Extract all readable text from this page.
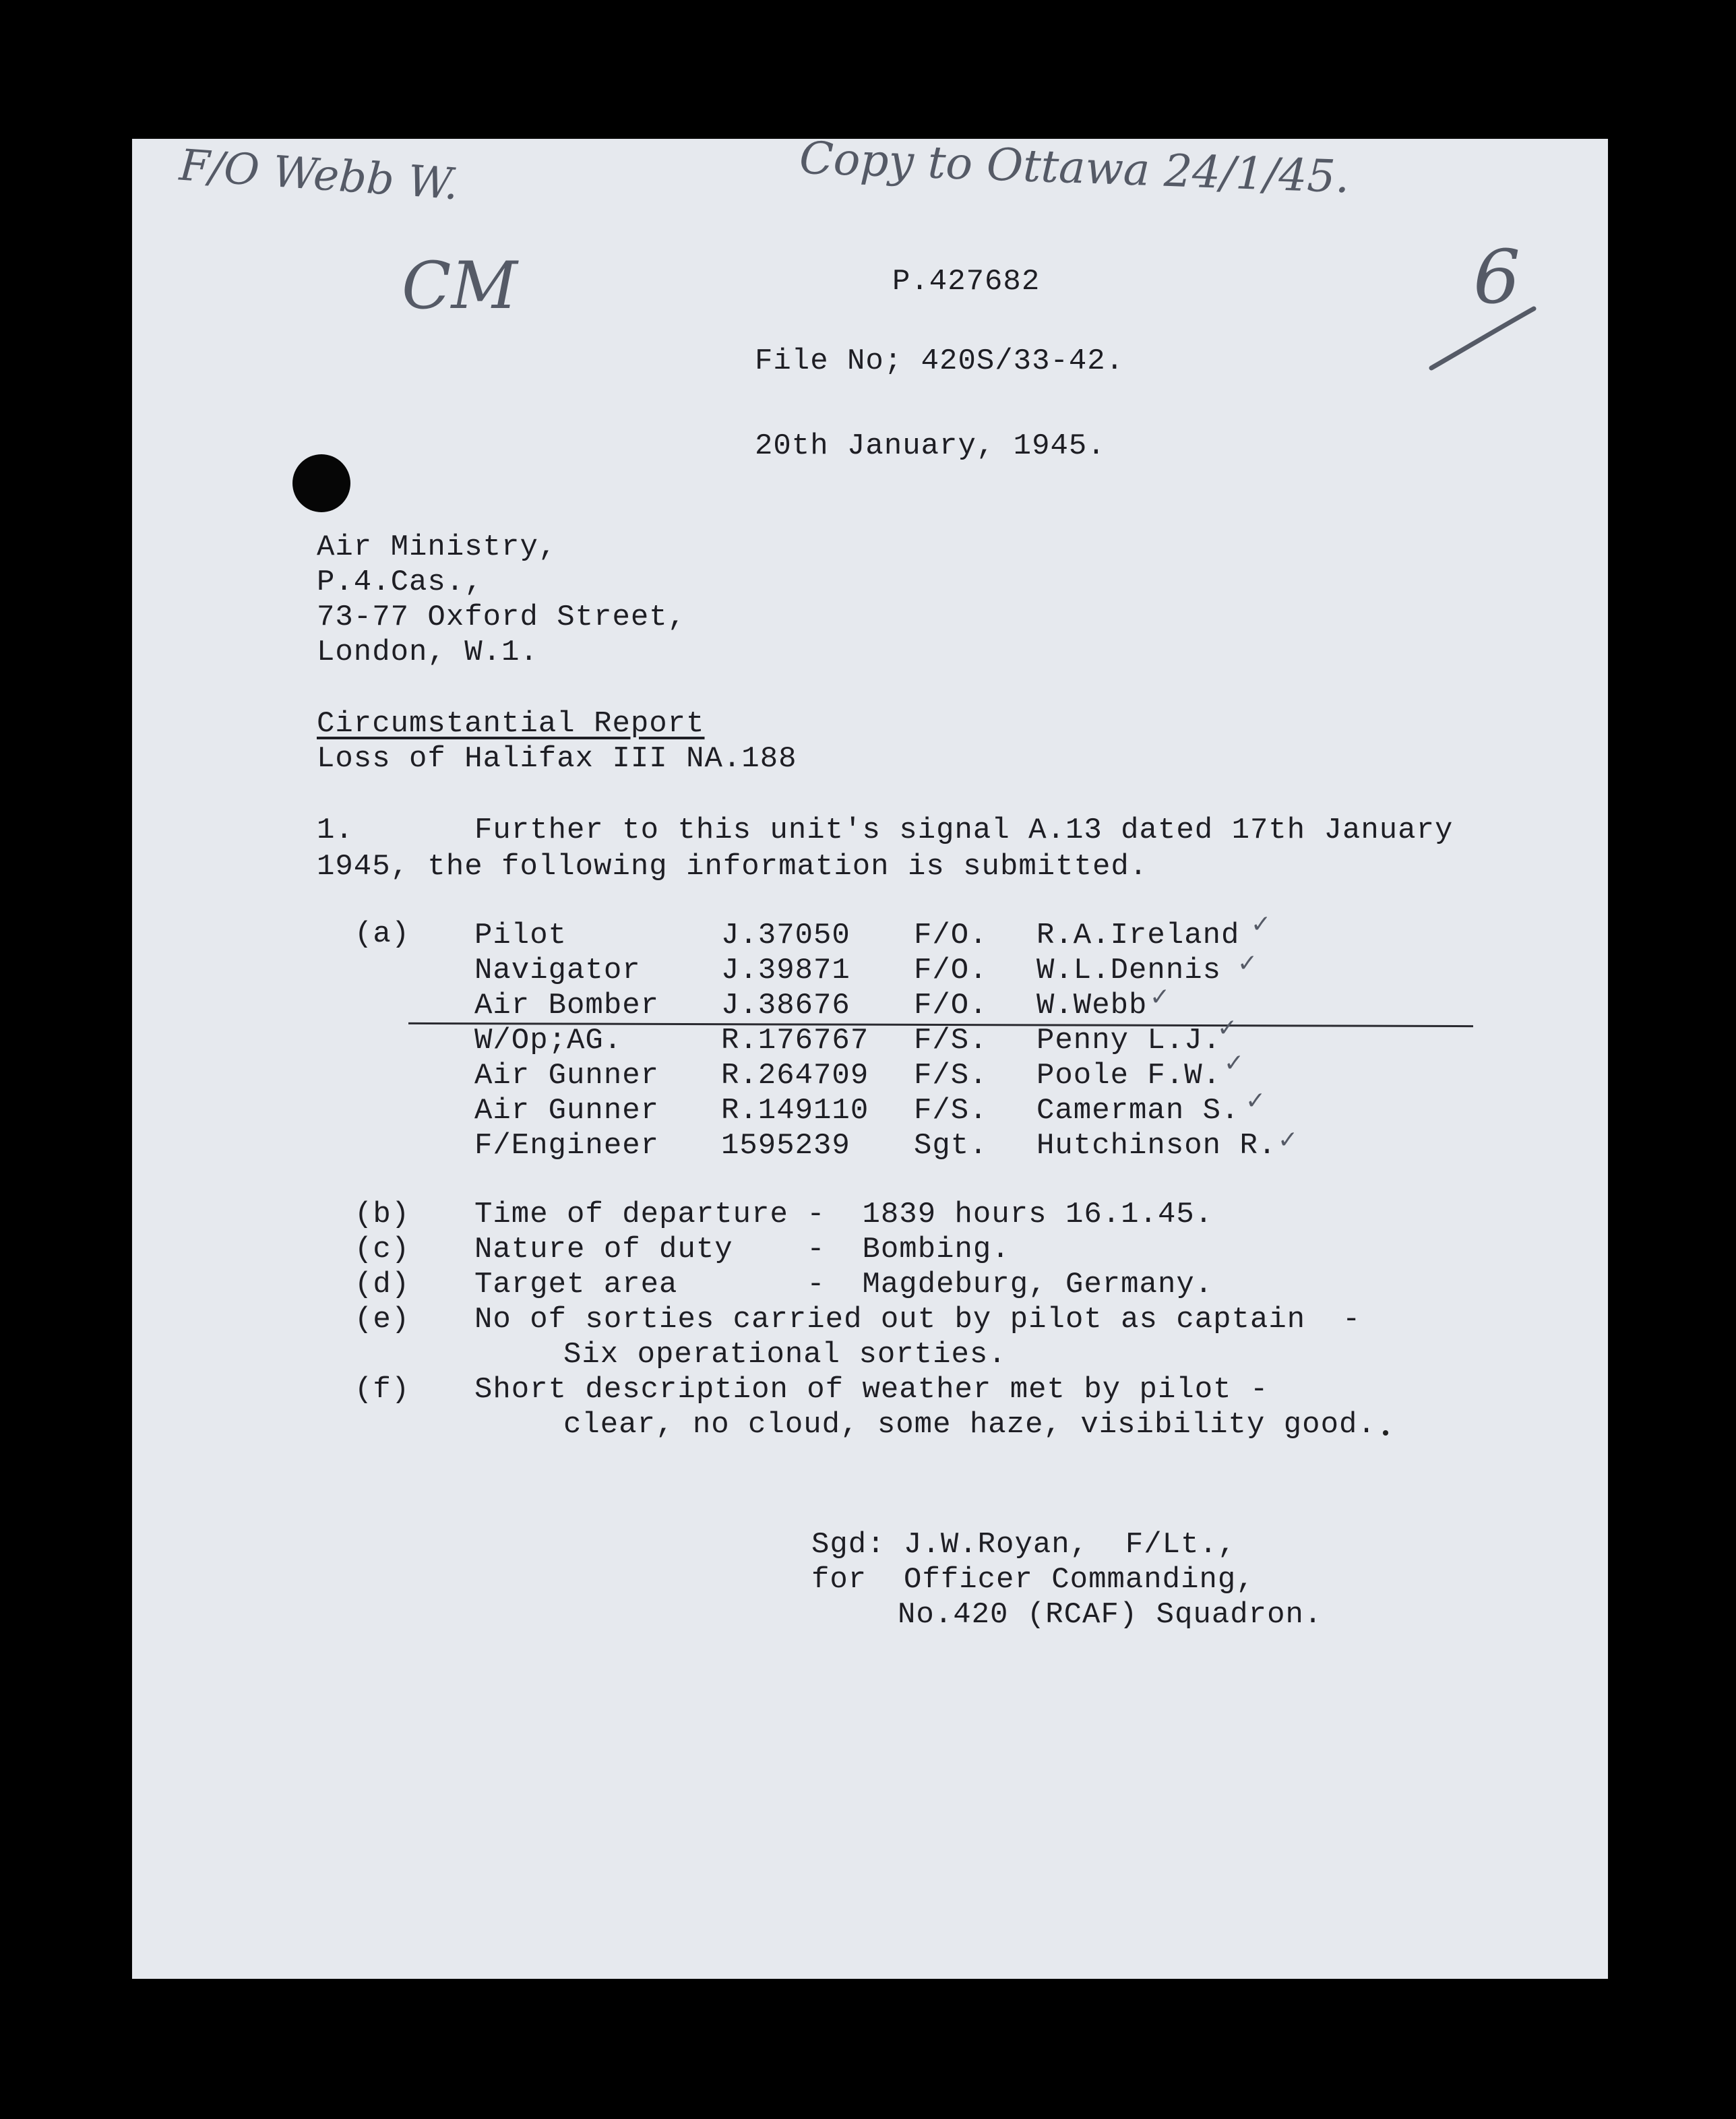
F/O Webb W.	Copy to Ottawa 24/1/45.
CM	6
P.427682
File No; 420S/33-42.
20th January, 1945.
Air Ministry,
P.4.Cas.,
73-77 Oxford Street,
London, W.1.
Circumstantial Report
Loss of Halifax III NA.188
1.	Further to this unit's signal A.13 dated 17th January
1945, the following information is submitted.
(a) Pilot	J.37050 F/O. R.A.Ireland ✓
Navigator	J.39871 F/O. W.L.Dennis ✓
Air Bomber J.38676 F/O. W.Webb ✓
W/Op;AG.	R.176767 F/S. Penny L.J.
✓
Air Gunner R.264709 F/S. Poole F.W. ✓
Air Gunner R.149110 F/S. Camerman S. ✓
F/Engineer 1595239 Sgt. Hutchinson R. ✓
(b) Time of departure -  1839 hours 16.1.45.
(c) Nature of duty    -  Bombing.
(d) Target area       -  Magdeburg, Germany.
(e) No of sorties carried out by pilot as captain  -
Six operational sorties.
(f) Short description of weather met by pilot -
clear, no cloud, some haze, visibility good.
Sgd: J.W.Royan,  F/Lt.,
for  Officer Commanding,
No.420 (RCAF) Squadron.
